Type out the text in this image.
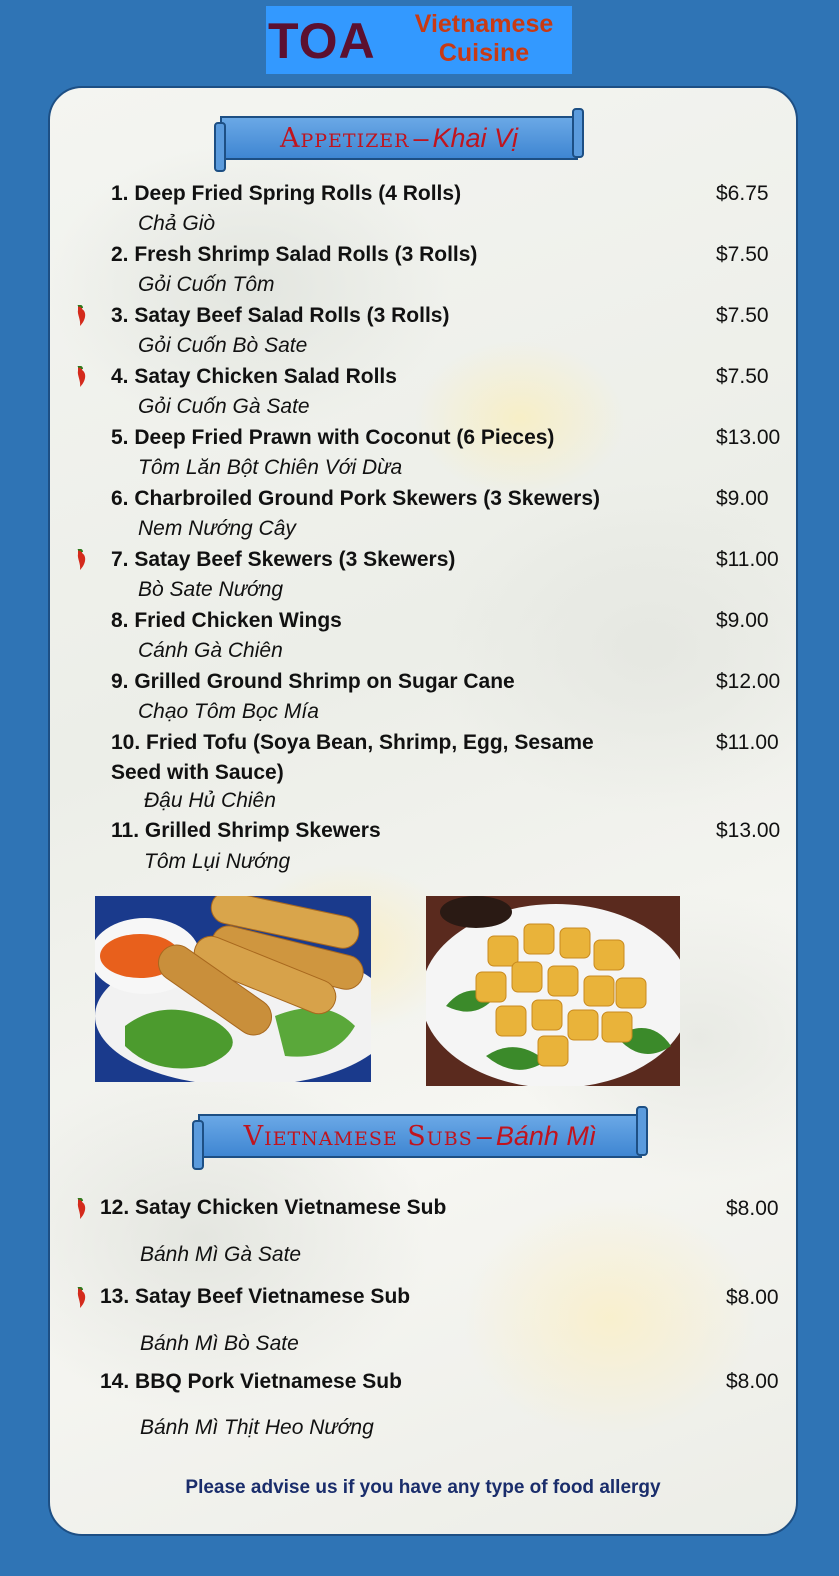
TOA	Vietnamese
Cuisine
Appetizer – Khai Vị
1. Deep Fried Spring Rolls (4 Rolls)	$6.75
Chả Giò
2. Fresh Shrimp Salad Rolls (3 Rolls)	$7.50
Gỏi Cuốn Tôm
3. Satay Beef Salad Rolls (3 Rolls)	$7.50
Gỏi Cuốn Bò Sate
4. Satay Chicken Salad Rolls	$7.50
Gỏi Cuốn Gà Sate
5. Deep Fried Prawn with Coconut (6 Pieces)	$13.00
Tôm Lăn Bột Chiên Với Dừa
6. Charbroiled Ground Pork Skewers (3 Skewers)	$9.00
Nem Nướng Cây
7. Satay Beef Skewers (3 Skewers)	$11.00
Bò Sate Nướng
8. Fried Chicken Wings	$9.00
Cánh Gà Chiên
9. Grilled Ground Shrimp on Sugar Cane	$12.00
Chạo Tôm Bọc Mía
10. Fried Tofu (Soya Bean, Shrimp, Egg, Sesame
Seed with Sauce)
$11.00
Đậu Hủ Chiên
11. Grilled Shrimp Skewers	$13.00
Tôm Lụi Nướng
Vietnamese Subs – Bánh Mì
12. Satay Chicken Vietnamese Sub	$8.00
Bánh Mì Gà Sate
13. Satay Beef Vietnamese Sub	$8.00
Bánh Mì Bò Sate
14. BBQ Pork Vietnamese Sub	$8.00
Bánh Mì Thịt Heo Nướng
Please advise us if you have any type of food allergy
